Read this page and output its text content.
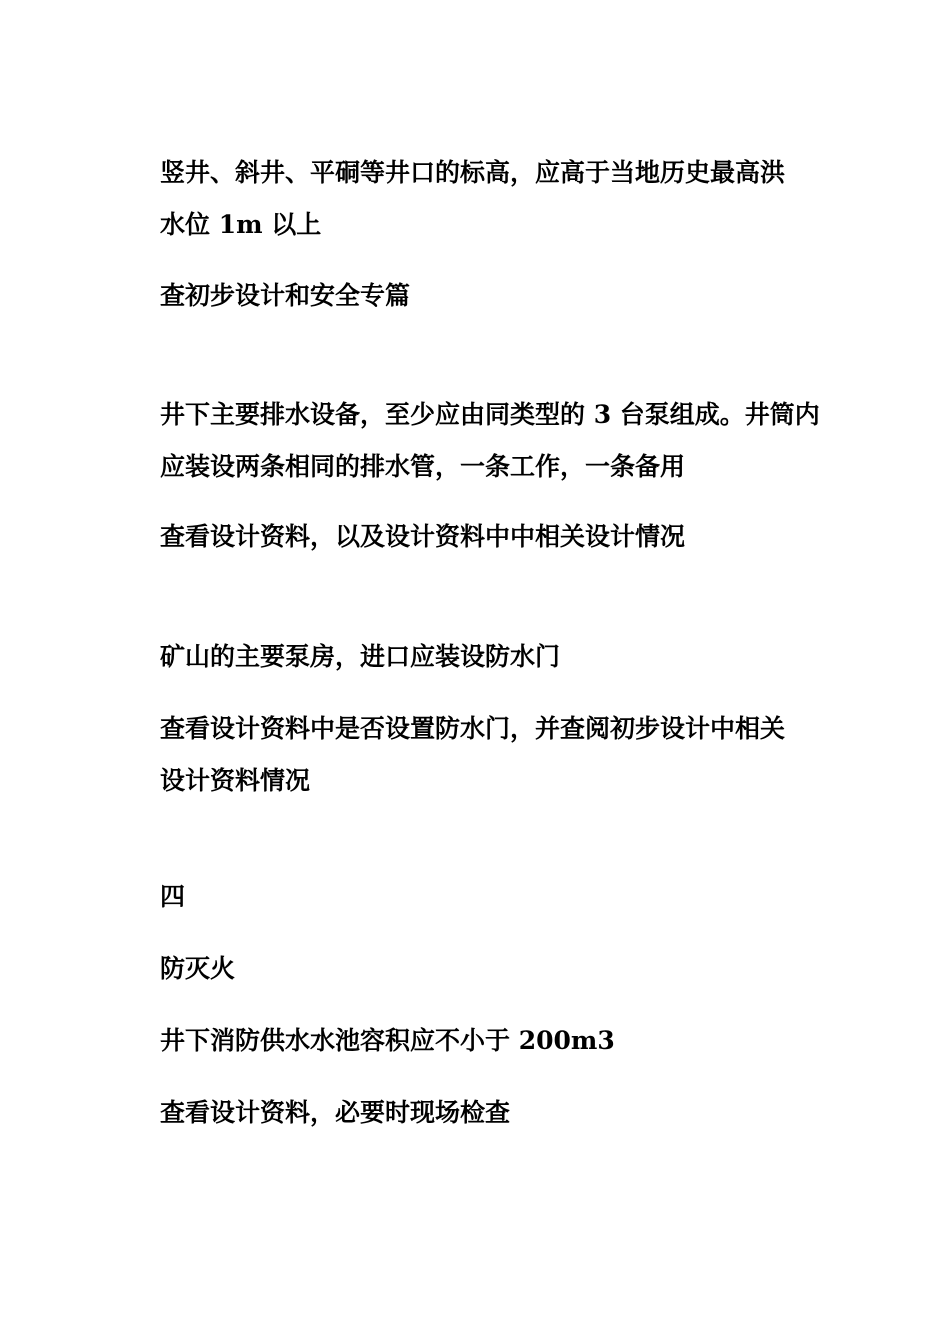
竖井、斜井、平硐等井口的标高，应高于当地历史最高洪
水位 1m 以上
查初步设计和安全专篇
井下主要排水设备，至少应由同类型的 3 台泵组成。井筒内
应装设两条相同的排水管，一条工作，一条备用
查看设计资料，以及设计资料中中相关设计情况
矿山的主要泵房，进口应装设防水门
查看设计资料中是否设置防水门，并查阅初步设计中相关
设计资料情况
四
防灭火
井下消防供水水池容积应不小于 200m3
查看设计资料，必要时现场检查
